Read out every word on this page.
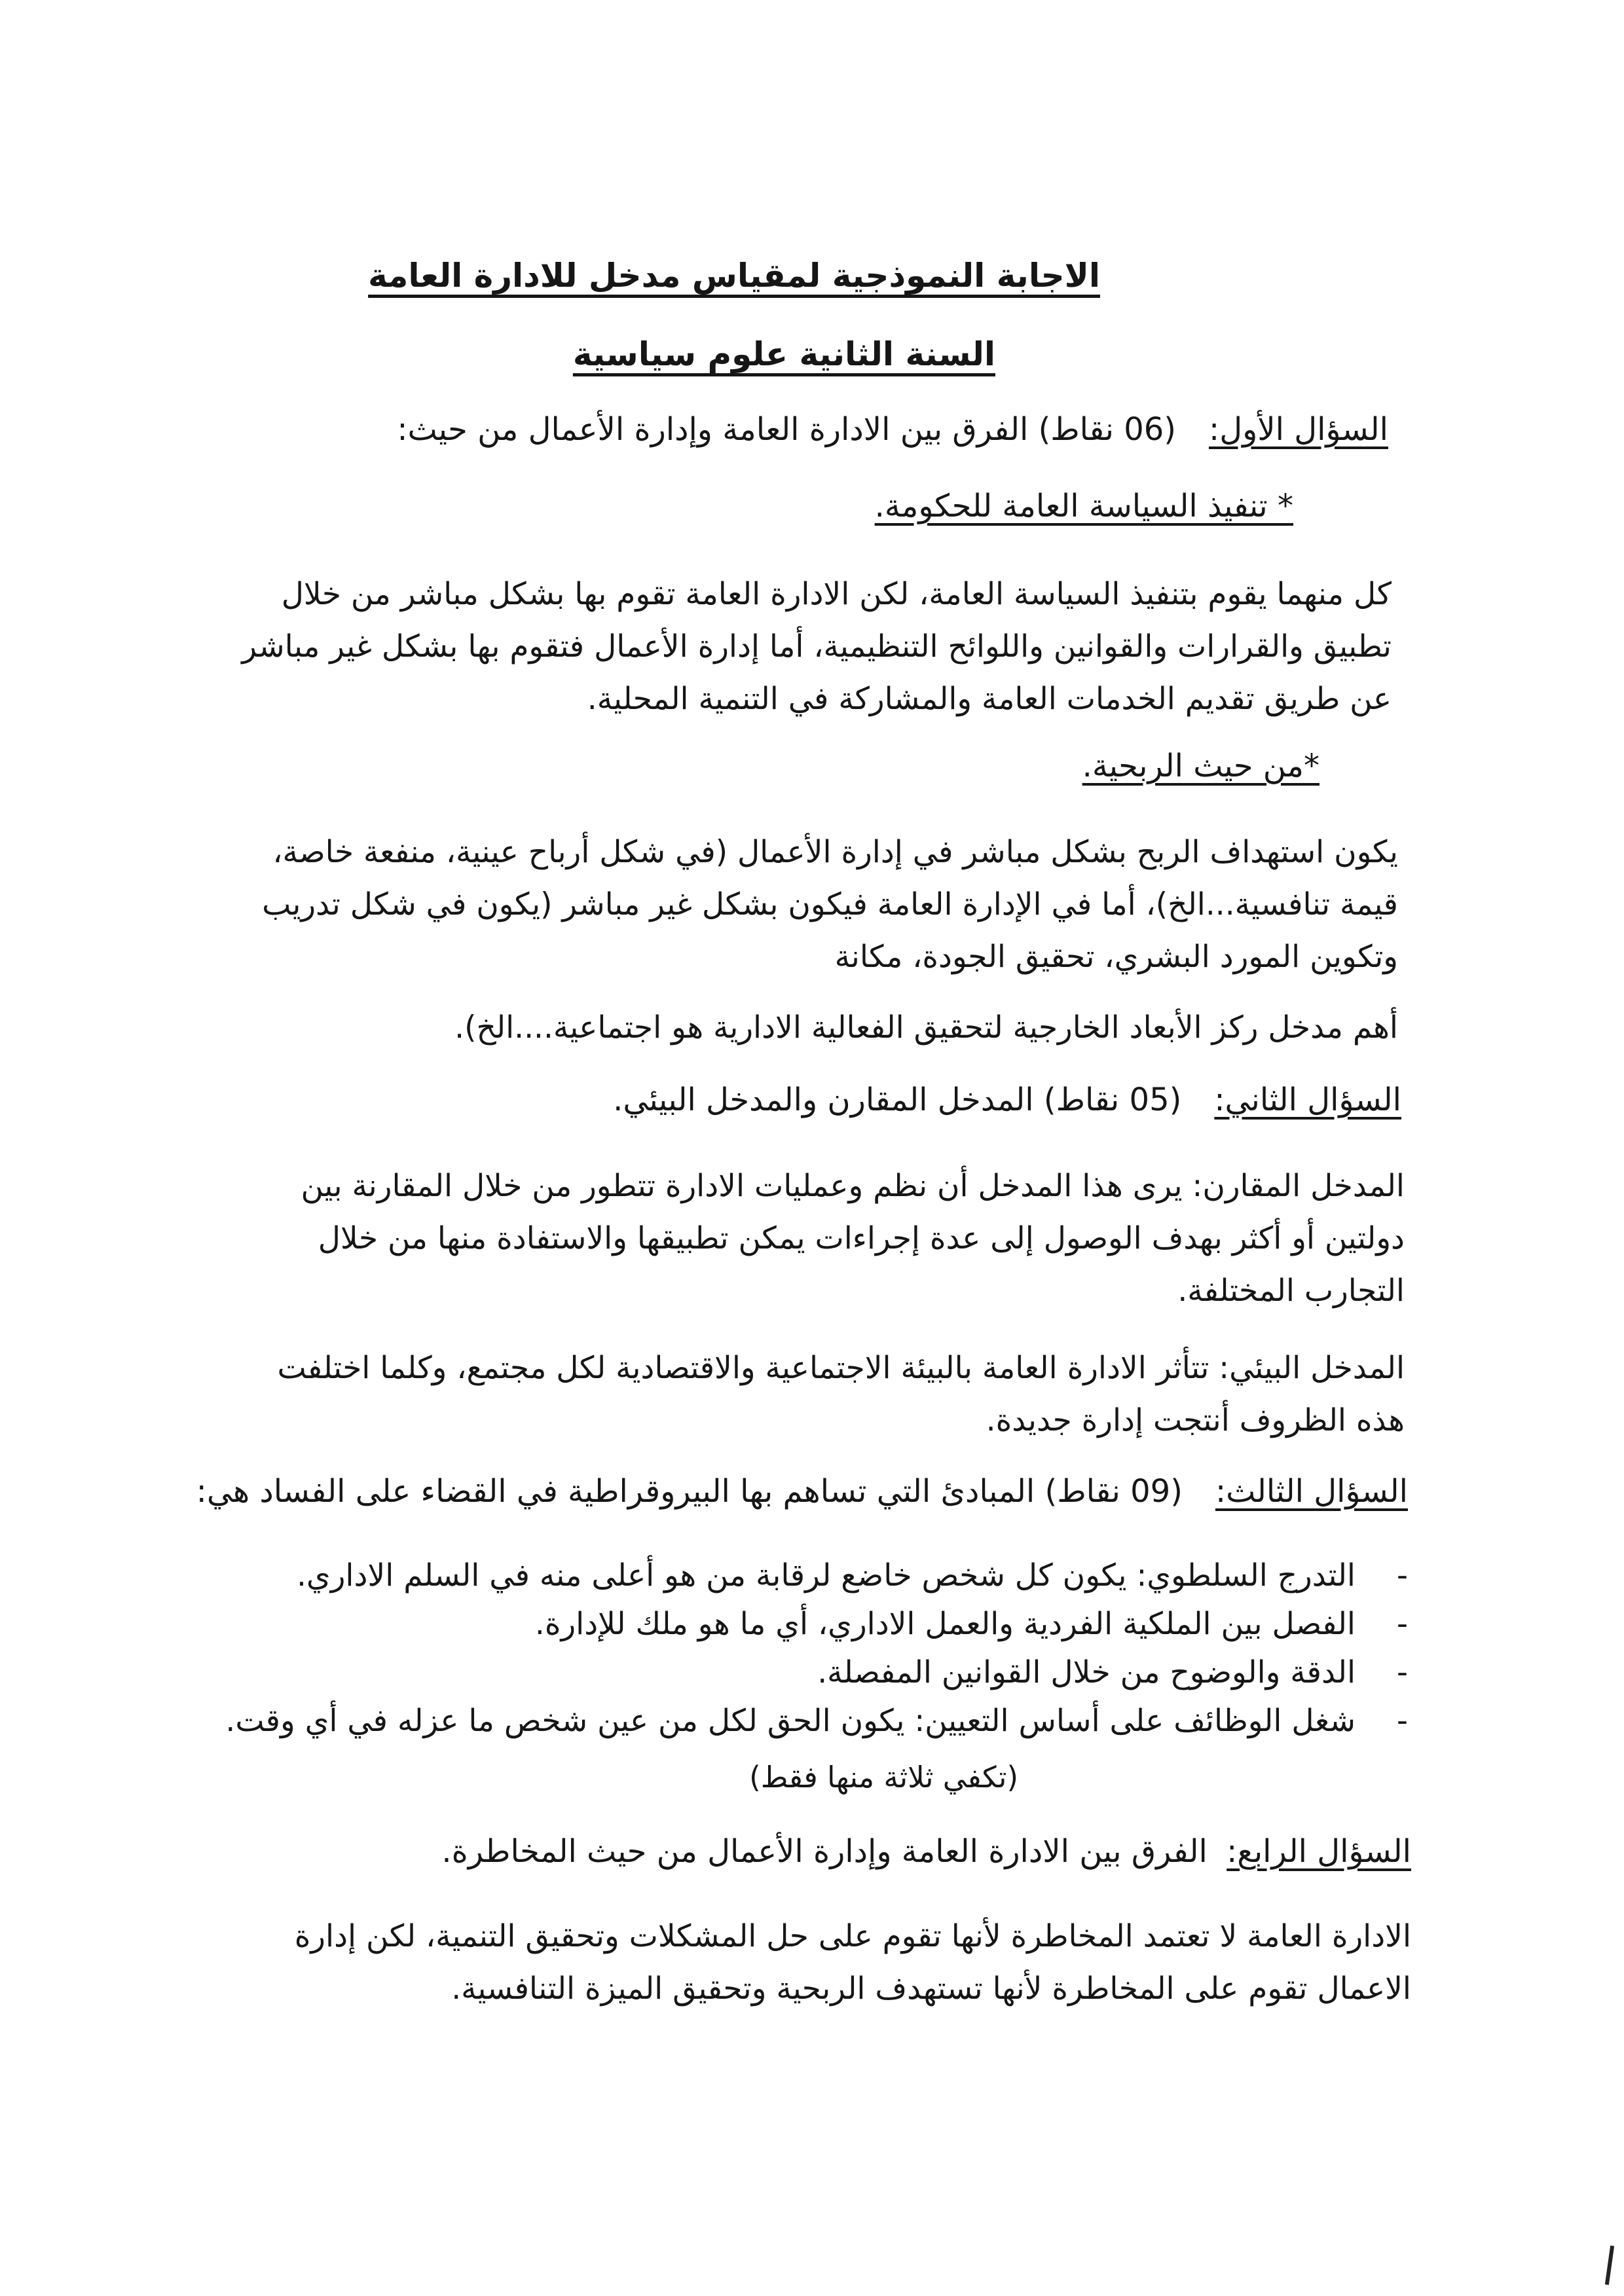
الاجابة النموذجية لمقياس مدخل للادارة العامة
السنة الثانية علوم سياسية
السؤال الأول:(06 نقاط) الفرق بين الادارة العامة وإدارة الأعمال من حيث:
* تنفيذ السياسة العامة للحكومة.
كل منهما يقوم بتنفيذ السياسة العامة، لكن الادارة العامة تقوم بها بشكل مباشر من خلال
تطبيق والقرارات والقوانين واللوائح التنظيمية، أما إدارة الأعمال فتقوم بها بشكل غير مباشر
عن طريق تقديم الخدمات العامة والمشاركة في التنمية المحلية.
*من حيث الربحية.
يكون استهداف الربح بشكل مباشر في إدارة الأعمال (في شكل أرباح عينية، منفعة خاصة،
قيمة تنافسية...الخ)، أما في الإدارة العامة فيكون بشكل غير مباشر (يكون في شكل تدريب
وتكوين المورد البشري، تحقيق الجودة، مكانة
أهم مدخل ركز الأبعاد الخارجية لتحقيق الفعالية الادارية هو اجتماعية....الخ).
السؤال الثاني:(05 نقاط) المدخل المقارن والمدخل البيئي.
المدخل المقارن: يرى هذا المدخل أن نظم وعمليات الادارة تتطور من خلال المقارنة بين
دولتين أو أكثر بهدف الوصول إلى عدة إجراءات يمكن تطبيقها والاستفادة منها من خلال
التجارب المختلفة.
المدخل البيئي: تتأثر الادارة العامة بالبيئة الاجتماعية والاقتصادية لكل مجتمع، وكلما اختلفت
هذه الظروف أنتجت إدارة جديدة.
السؤال الثالث:(09 نقاط) المبادئ التي تساهم بها البيروقراطية في القضاء على الفساد هي:
- التدرج السلطوي: يكون كل شخص خاضع لرقابة من هو أعلى منه في السلم الاداري.
- الفصل بين الملكية الفردية والعمل الاداري، أي ما هو ملك للإدارة.
- الدقة والوضوح من خلال القوانين المفصلة.
- شغل الوظائف على أساس التعيين: يكون الحق لكل من عين شخص ما عزله في أي وقت.
(تكفي ثلاثة منها فقط)
السؤال الرابع: الفرق بين الادارة العامة وإدارة الأعمال من حيث المخاطرة.
الادارة العامة لا تعتمد المخاطرة لأنها تقوم على حل المشكلات وتحقيق التنمية، لكن إدارة
الاعمال تقوم على المخاطرة لأنها تستهدف الربحية وتحقيق الميزة التنافسية.
